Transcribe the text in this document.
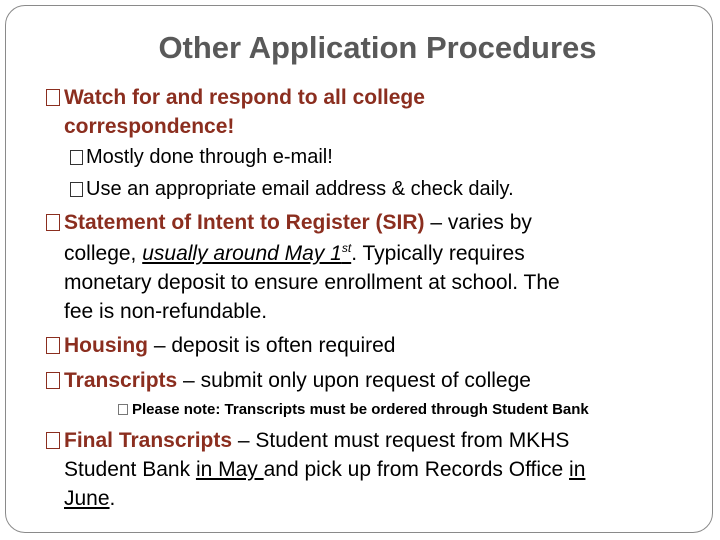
Other Application Procedures
Watch for and respond to all college
correspondence!
Mostly done through e-mail!
Use an appropriate email address & check daily.
Statement of Intent to Register (SIR) – varies by
college, usually around May 1st. Typically requires
monetary deposit to ensure enrollment at school. The
fee is non-refundable.
Housing – deposit is often required
Transcripts – submit only upon request of college
Please note: Transcripts must be ordered through Student Bank
Final Transcripts – Student must request from MKHS
Student Bank in May and pick up from Records Office in
June.
